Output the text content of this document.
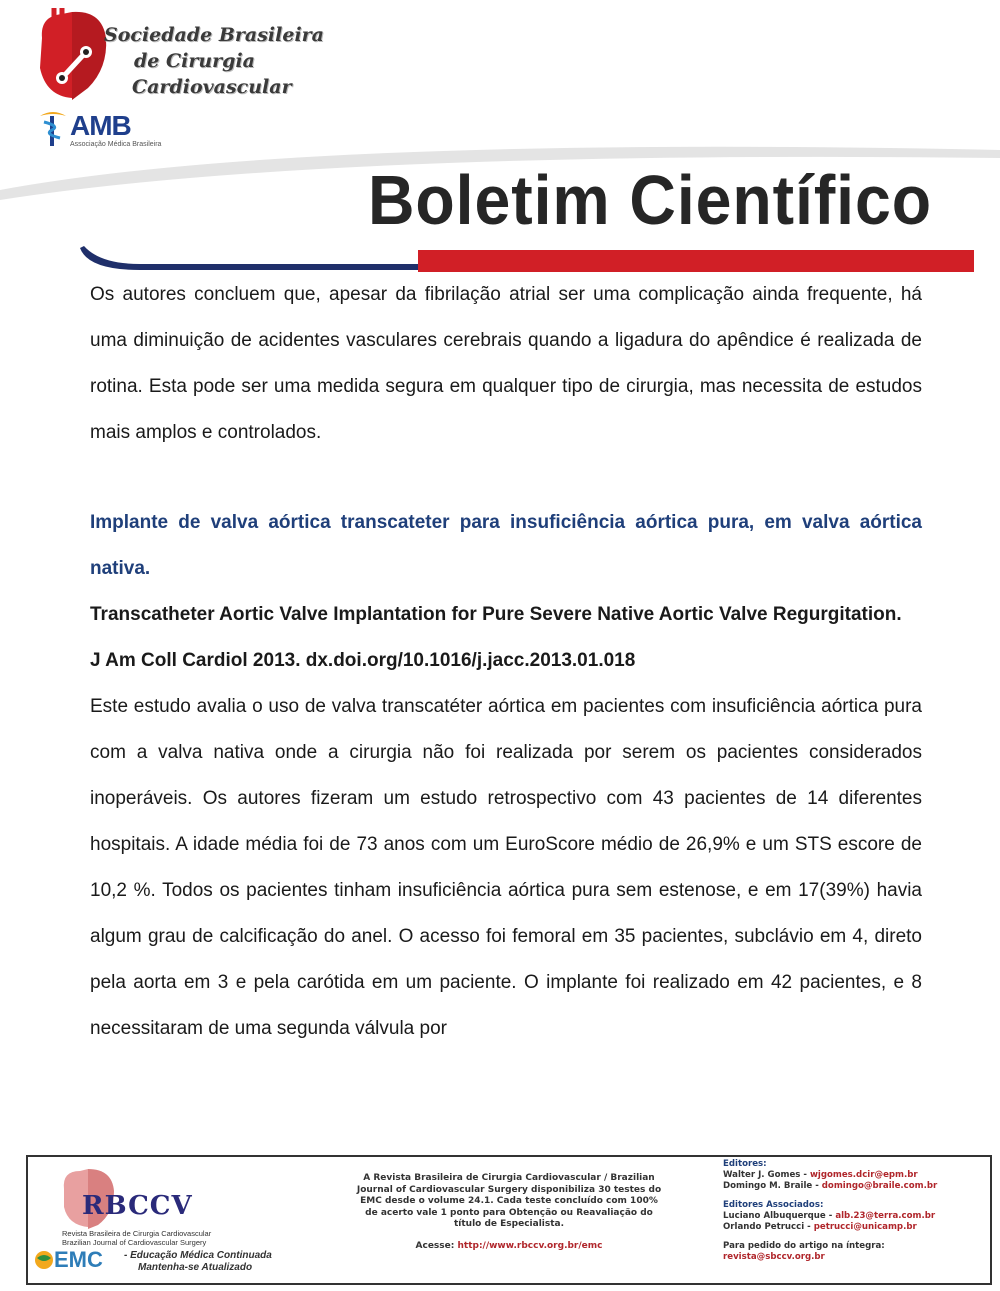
Sociedade Brasileira
de Cirurgia
Cardiovascular
AMB
Associação Médica Brasileira
Boletim Científico

Os autores concluem que, apesar da fibrilação atrial ser uma complicação ainda frequente, há uma diminuição de acidentes vasculares cerebrais quando a ligadura do apêndice é realizada de rotina. Esta pode ser uma medida segura em qualquer tipo de cirurgia, mas necessita de estudos mais amplos e controlados.

Implante de valva aórtica transcateter para insuficiência aórtica pura, em valva aórtica nativa.

Transcatheter Aortic Valve Implantation for Pure Severe Native Aortic Valve Regurgitation.

J Am Coll Cardiol 2013. dx.doi.org/10.1016/j.jacc.2013.01.018

Este estudo avalia o uso de valva transcatéter aórtica em pacientes com insuficiência aórtica pura com a valva nativa onde a cirurgia não foi realizada por serem os pacientes considerados inoperáveis. Os autores fizeram um estudo retrospectivo com 43 pacientes de 14 diferentes hospitais. A idade média foi de 73 anos com um EuroScore médio de 26,9% e um STS escore de 10,2 %. Todos os pacientes tinham insuficiência aórtica pura sem estenose, e em 17(39%) havia algum grau de calcificação do anel. O acesso foi femoral em 35 pacientes, subclávio em 4, direto pela aorta em 3 e pela carótida em um paciente. O implante foi realizado em 42 pacientes, e 8 necessitaram de uma segunda válvula por

RBCCV
Revista Brasileira de Cirurgia Cardiovascular
Brazilian Journal of Cardiovascular Surgery
EMC - Educação Médica Continuada
Mantenha-se Atualizado
A Revista Brasileira de Cirurgia Cardiovascular / Brazilian Journal of Cardiovascular Surgery disponibiliza 30 testes do EMC desde o volume 24.1. Cada teste concluído com 100% de acerto vale 1 ponto para Obtenção ou Reavaliação do título de Especialista.
Acesse: http://www.rbccv.org.br/emc
Editores:
Walter J. Gomes - wjgomes.dcir@epm.br
Domingo M. Braile - domingo@braile.com.br
Editores Associados:
Luciano Albuquerque - alb.23@terra.com.br
Orlando Petrucci - petrucci@unicamp.br
Para pedido do artigo na íntegra:
revista@sbccv.org.br
